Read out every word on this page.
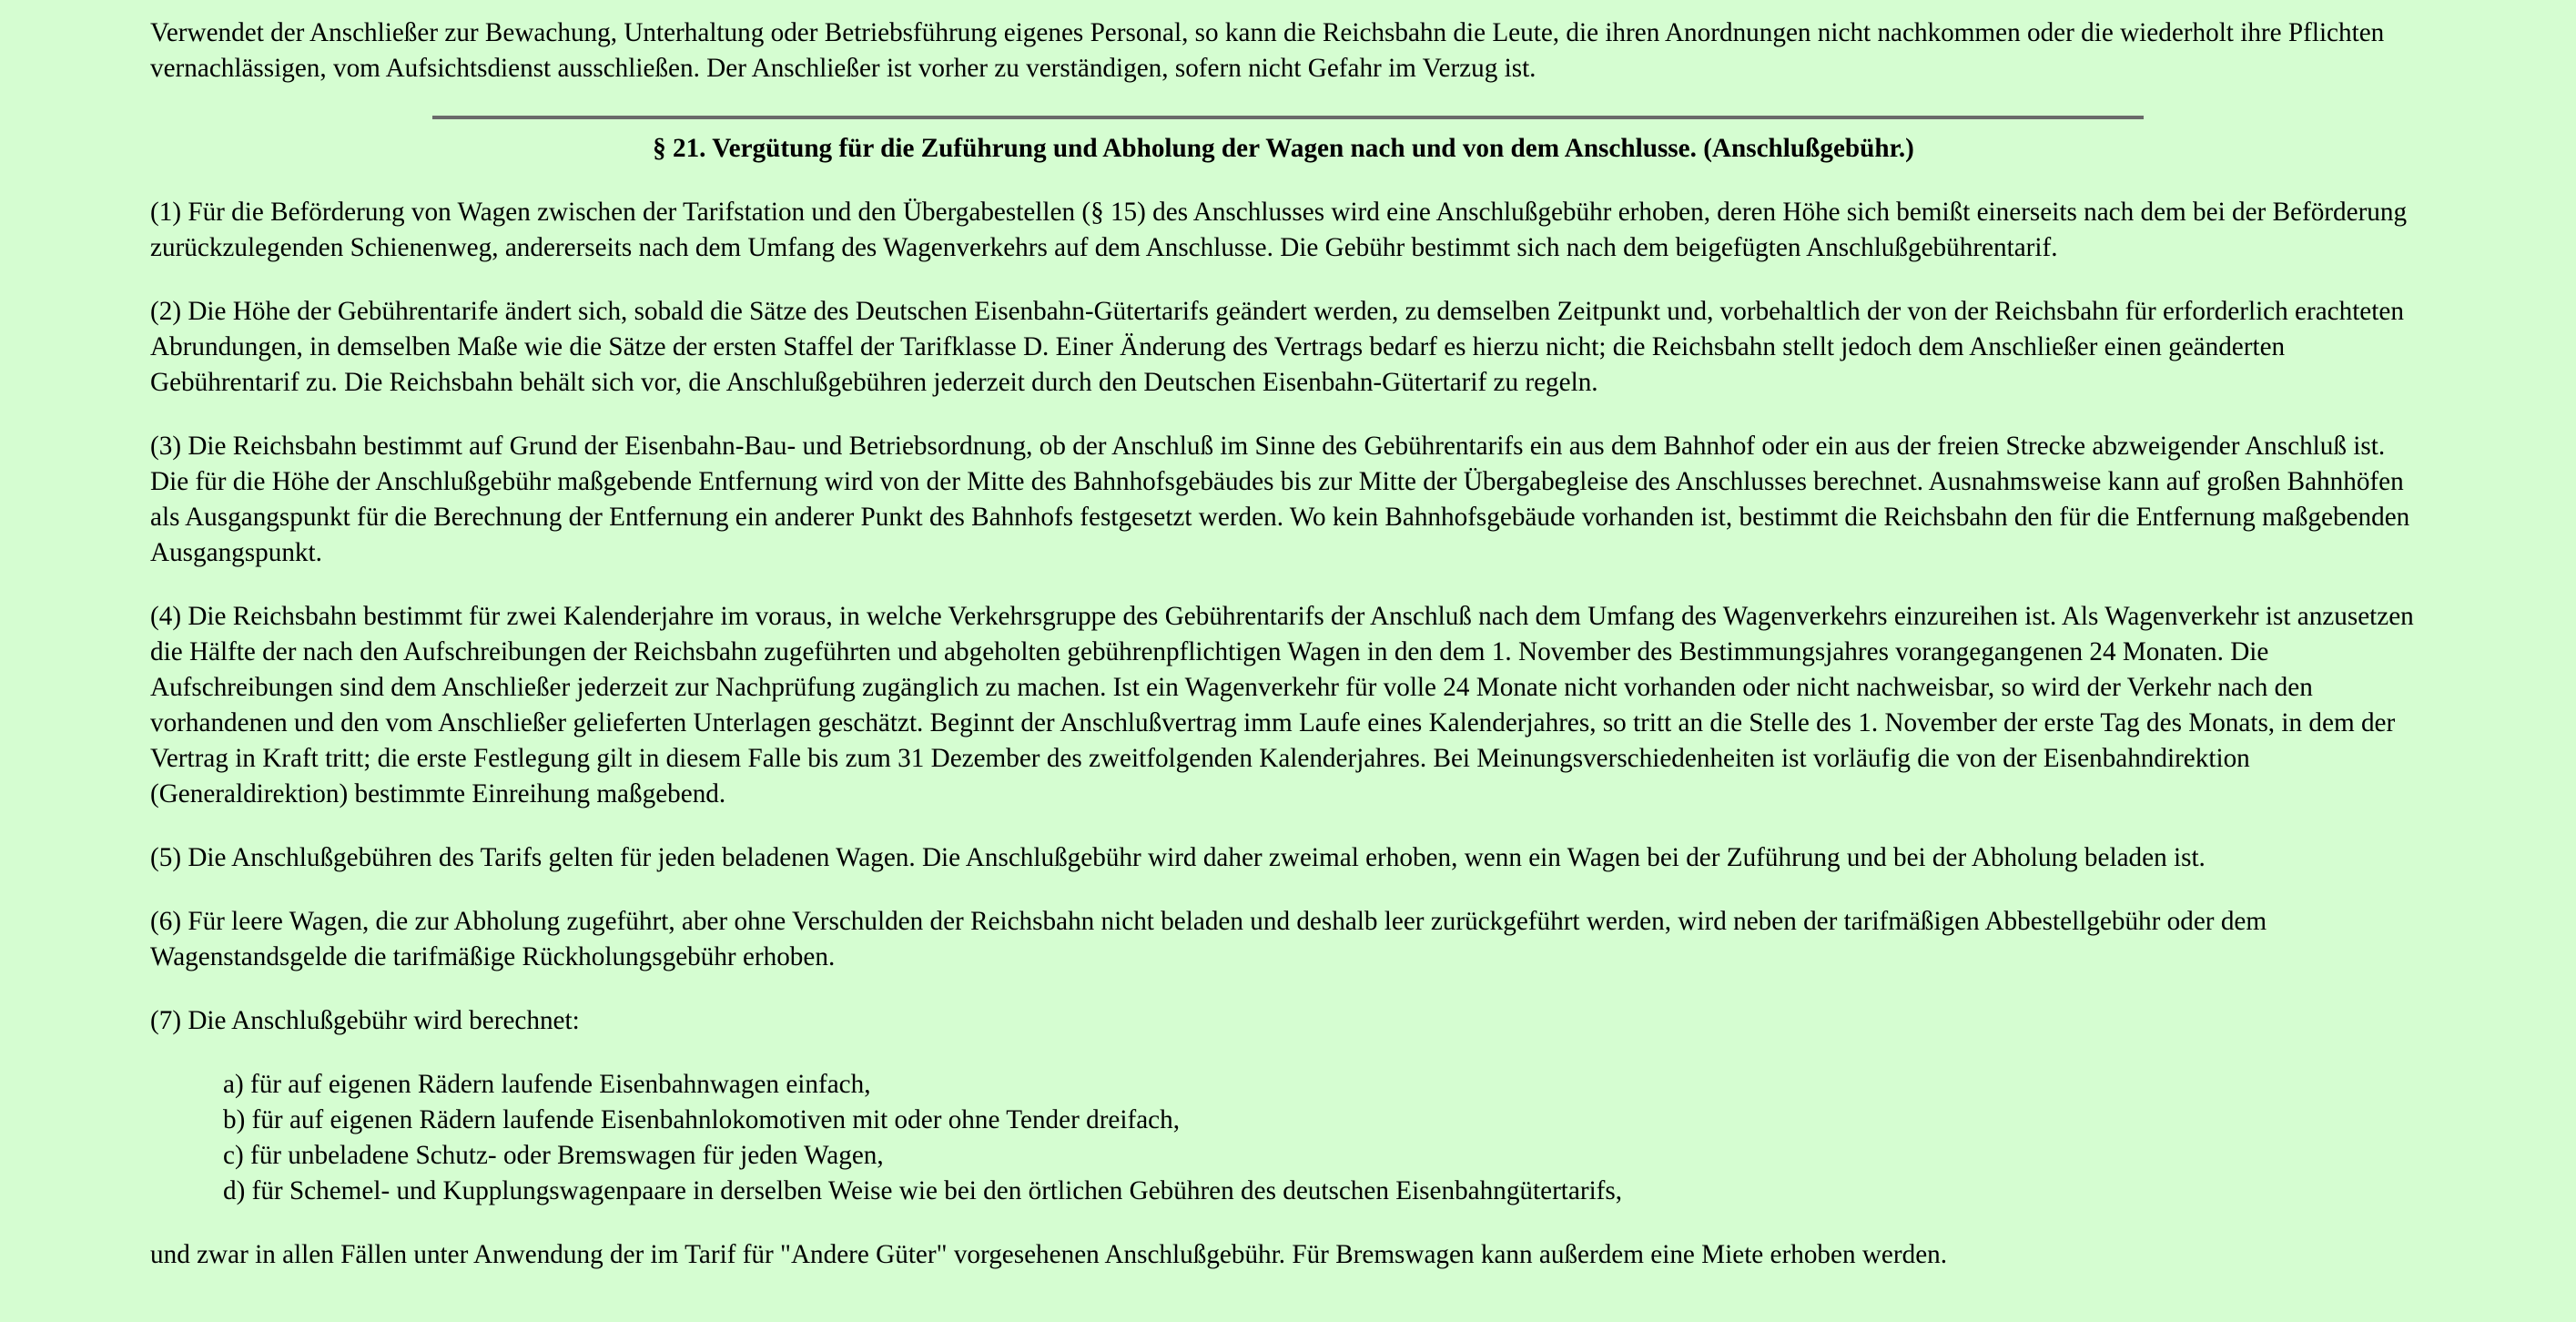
Verwendet der Anschließer zur Bewachung, Unterhaltung oder Betriebsführung eigenes Personal, so kann die Reichsbahn die Leute, die ihren Anordnungen nicht nachkommen oder die wiederholt ihre Pflichten vernachlässigen, vom Aufsichtsdienst ausschließen. Der Anschließer ist vorher zu verständigen, sofern nicht Gefahr im Verzug ist.

§ 21. Vergütung für die Zuführung und Abholung der Wagen nach und von dem Anschlusse. (Anschlußgebühr.)

(1) Für die Beförderung von Wagen zwischen der Tarifstation und den Übergabestellen (§ 15) des Anschlusses wird eine Anschlußgebühr erhoben, deren Höhe sich bemißt einerseits nach dem bei der Beförderung zurückzulegenden Schienenweg, andererseits nach dem Umfang des Wagenverkehrs auf dem Anschlusse. Die Gebühr bestimmt sich nach dem beigefügten Anschlußgebührentarif.

(2) Die Höhe der Gebührentarife ändert sich, sobald die Sätze des Deutschen Eisenbahn-Gütertarifs geändert werden, zu demselben Zeitpunkt und, vorbehaltlich der von der Reichsbahn für erforderlich erachteten Abrundungen, in demselben Maße wie die Sätze der ersten Staffel der Tarifklasse D. Einer Änderung des Vertrags bedarf es hierzu nicht; die Reichsbahn stellt jedoch dem Anschließer einen geänderten Gebührentarif zu. Die Reichsbahn behält sich vor, die Anschlußgebühren jederzeit durch den Deutschen Eisenbahn-Gütertarif zu regeln.

(3) Die Reichsbahn bestimmt auf Grund der Eisenbahn-Bau- und Betriebsordnung, ob der Anschluß im Sinne des Gebührentarifs ein aus dem Bahnhof oder ein aus der freien Strecke abzweigender Anschluß ist. Die für die Höhe der Anschlußgebühr maßgebende Entfernung wird von der Mitte des Bahnhofsgebäudes bis zur Mitte der Übergabegleise des Anschlusses berechnet. Ausnahmsweise kann auf großen Bahnhöfen als Ausgangspunkt für die Berechnung der Entfernung ein anderer Punkt des Bahnhofs festgesetzt werden. Wo kein Bahnhofsgebäude vorhanden ist, bestimmt die Reichsbahn den für die Entfernung maßgebenden Ausgangspunkt.

(4) Die Reichsbahn bestimmt für zwei Kalenderjahre im voraus, in welche Verkehrsgruppe des Gebührentarifs der Anschluß nach dem Umfang des Wagenverkehrs einzureihen ist. Als Wagenverkehr ist anzusetzen die Hälfte der nach den Aufschreibungen der Reichsbahn zugeführten und abgeholten gebührenpflichtigen Wagen in den dem 1. November des Bestimmungsjahres vorangegangenen 24 Monaten. Die Aufschreibungen sind dem Anschließer jederzeit zur Nachprüfung zugänglich zu machen. Ist ein Wagenverkehr für volle 24 Monate nicht vorhanden oder nicht nachweisbar, so wird der Verkehr nach den vorhandenen und den vom Anschließer gelieferten Unterlagen geschätzt. Beginnt der Anschlußvertrag imm Laufe eines Kalenderjahres, so tritt an die Stelle des 1. November der erste Tag des Monats, in dem der Vertrag in Kraft tritt; die erste Festlegung gilt in diesem Falle bis zum 31 Dezember des zweitfolgenden Kalenderjahres. Bei Meinungsverschiedenheiten ist vorläufig die von der Eisenbahndirektion (Generaldirektion) bestimmte Einreihung maßgebend.

(5) Die Anschlußgebühren des Tarifs gelten für jeden beladenen Wagen. Die Anschlußgebühr wird daher zweimal erhoben, wenn ein Wagen bei der Zuführung und bei der Abholung beladen ist.

(6) Für leere Wagen, die zur Abholung zugeführt, aber ohne Verschulden der Reichsbahn nicht beladen und deshalb leer zurückgeführt werden, wird neben der tarifmäßigen Abbestellgebühr oder dem Wagenstandsgelde die tarifmäßige Rückholungsgebühr erhoben.

(7) Die Anschlußgebühr wird berechnet:

a) für auf eigenen Rädern laufende Eisenbahnwagen einfach,
b) für auf eigenen Rädern laufende Eisenbahnlokomotiven mit oder ohne Tender dreifach,
c) für unbeladene Schutz- oder Bremswagen für jeden Wagen,
d) für Schemel- und Kupplungswagenpaare in derselben Weise wie bei den örtlichen Gebühren des deutschen Eisenbahngütertarifs,

und zwar in allen Fällen unter Anwendung der im Tarif für "Andere Güter" vorgesehenen Anschlußgebühr. Für Bremswagen kann außerdem eine Miete erhoben werden.
